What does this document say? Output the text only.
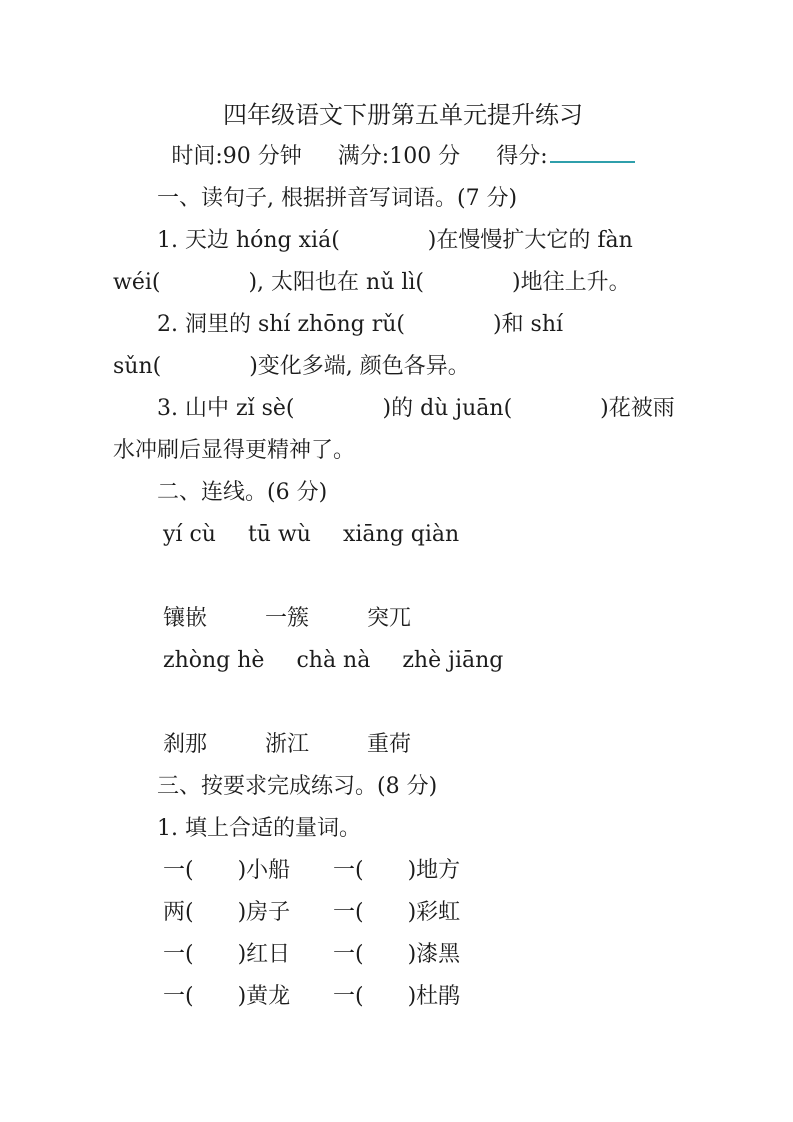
四年级语文下册第五单元提升练习
时间:90 分钟 满分:100 分 得分:
一、读句子, 根据拼音写词语。(7 分)
1. 天边 hóng xiá(　　　　)在慢慢扩大它的 fàn
wéi(　　　　), 太阳也在 nǔ lì(　　　　)地往上升。
2. 洞里的 shí zhōng rǔ(　　　　)和 shí
sǔn(　　　　)变化多端, 颜色各异。
3. 山中 zǐ sè(　　　　)的 dù juān(　　　　)花被雨
水冲刷后显得更精神了。
二、连线。(6 分)
yí cù tū wù xiāng qiàn
镶嵌	一簇	突兀
zhòng hè chà nà zhè jiāng
刹那	浙江	重荷
三、按要求完成练习。(8 分)
1. 填上合适的量词。
一(　　)小船 一(　　)地方
两(　　)房子 一(　　)彩虹
一(　　)红日 一(　　)漆黑
一(　　)黄龙 一(　　)杜鹃
